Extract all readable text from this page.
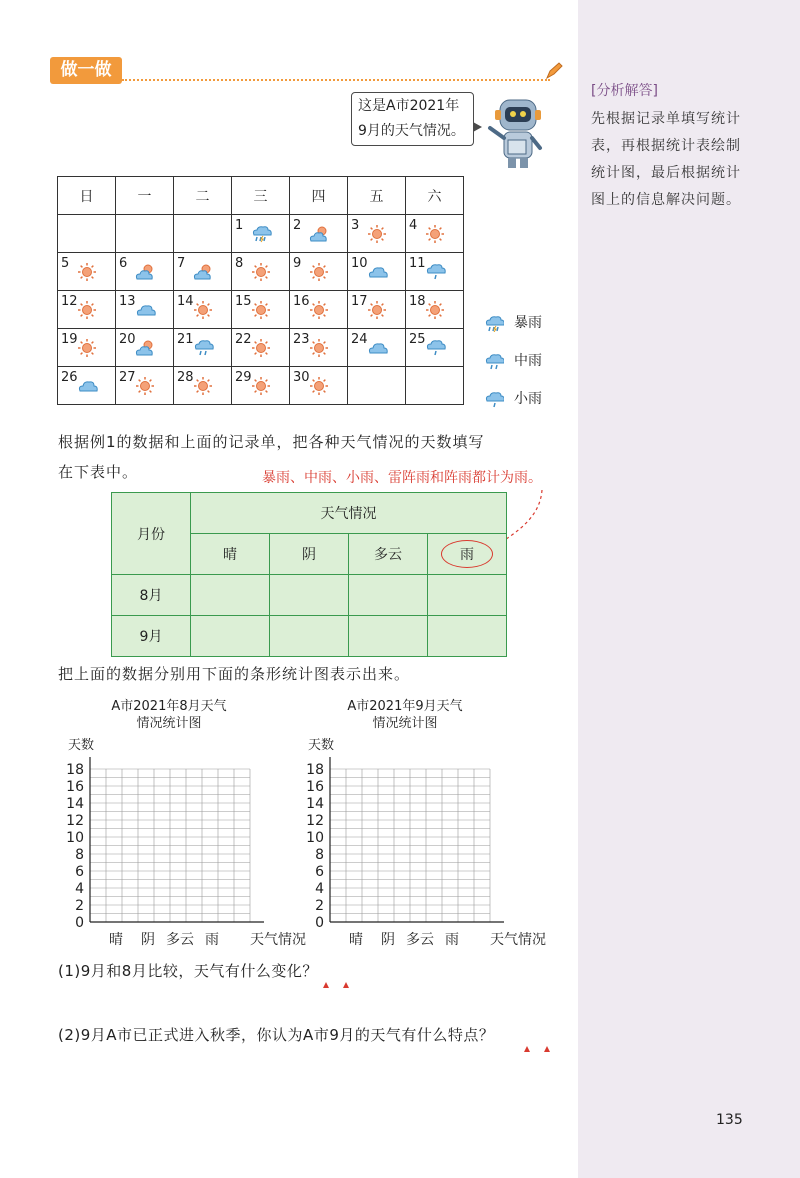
[分析解答]
先根据记录单填写统计表，再根据统计表绘制统计图，最后根据统计图上的信息解决问题。
做一做
这是A市2021年
9月的天气情况。
日	一	二	三	四	五	六

			1	2	3	4

5	6	7	8	9	10	11

12	13	14	15	16	17	18

19	20	21	22	23	24	25

26	27	28	29	30		

暴雨
中雨
小雨
根据例1的数据和上面的记录单，把各种天气情况的天数填写
在下表中。	暴雨、中雨、小雨、雷阵雨和阵雨都计为雨。
月份	天气情况			
	晴	阴	多云	雨
8月				
9月				
把上面的数据分别用下面的条形统计图表示出来。
A市2021年8月天气
情况统计图
A市2021年9月天气
情况统计图
天数	天数
0
2
4
6
8
10
12
14
16
18
晴 阴 多云 雨 天气情况
0
2
4
6
8
10
12
14
16
18
晴 阴 多云 雨 天气情况
(1)9月和8月比较，天气有什么变化？
(2)9月A市已正式进入秋季，你认为A市9月的天气有什么特点？
135
